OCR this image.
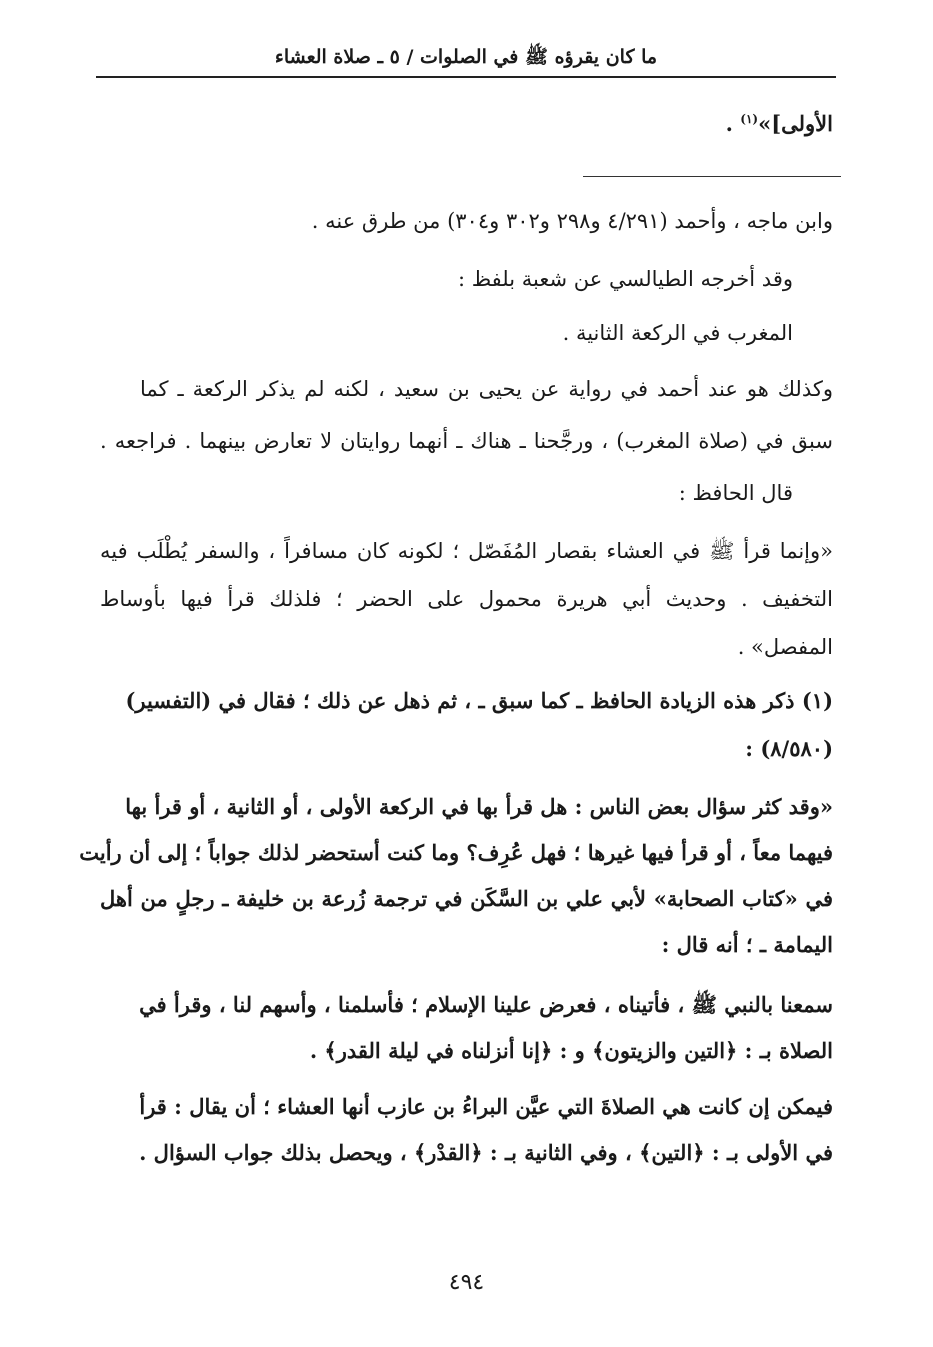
ما كان يقرؤه ﷺ في الصلوات / ٥ ـ صلاة العشاء
الأولى]»$^{(١)}$ .
وابن ماجه ، وأحمد (٤/٢٩١ و٢٩٨ و٣٠٢ و٣٠٤) من طرق عنه .
وقد أخرجه الطيالسي عن شعبة بلفظ :
المغرب في الركعة الثانية .
وكذلك هو عند أحمد في رواية عن يحيى بن سعيد ، لكنه لم يذكر الركعة ـ كما
سبق في (صلاة المغرب) ، ورجَّحنا ـ هناك ـ أنهما روايتان لا تعارض بينهما . فراجعه .
قال الحافظ :
«وإنما قرأ ﷺ في العشاء بقصار المُفَصّل ؛ لكونه كان مسافراً ، والسفر يُطْلَب فيه
التخفيف . وحديث أبي هريرة محمول على الحضر ؛ فلذلك قرأ فيها بأوساط
المفصل» .
(١) ذكر هذه الزيادة الحافظ ـ كما سبق ـ ، ثم ذهل عن ذلك ؛ فقال في (التفسير)
(٨/٥٨٠) :
«وقد كثر سؤال بعض الناس : هل قرأ بها في الركعة الأولى ، أو الثانية ، أو قرأ بها
فيهما معاً ، أو قرأ فيها غيرها ؛ فهل عُرِف؟ وما كنت أستحضر لذلك جواباً ؛ إلى أن رأيت
في «كتاب الصحابة» لأبي علي بن السَّكَن في ترجمة زُرعة بن خليفة ـ رجلٍ من أهل
اليمامة ـ ؛ أنه قال :
سمعنا بالنبي ﷺ ، فأتيناه ، فعرض علينا الإسلام ؛ فأسلمنا ، وأسهم لنا ، وقرأ في
الصلاة بـ : ﴿التين والزيتون﴾ و : ﴿إنا أنزلناه في ليلة القدر﴾ .
فيمكن إن كانت هي الصلاةَ التي عيَّن البراءُ بن عازب أنها العشاء ؛ أن يقال : قرأ
في الأولى بـ : ﴿التين﴾ ، وفي الثانية بـ : ﴿القدْر﴾ ، ويحصل بذلك جواب السؤال .
٤٩٤
